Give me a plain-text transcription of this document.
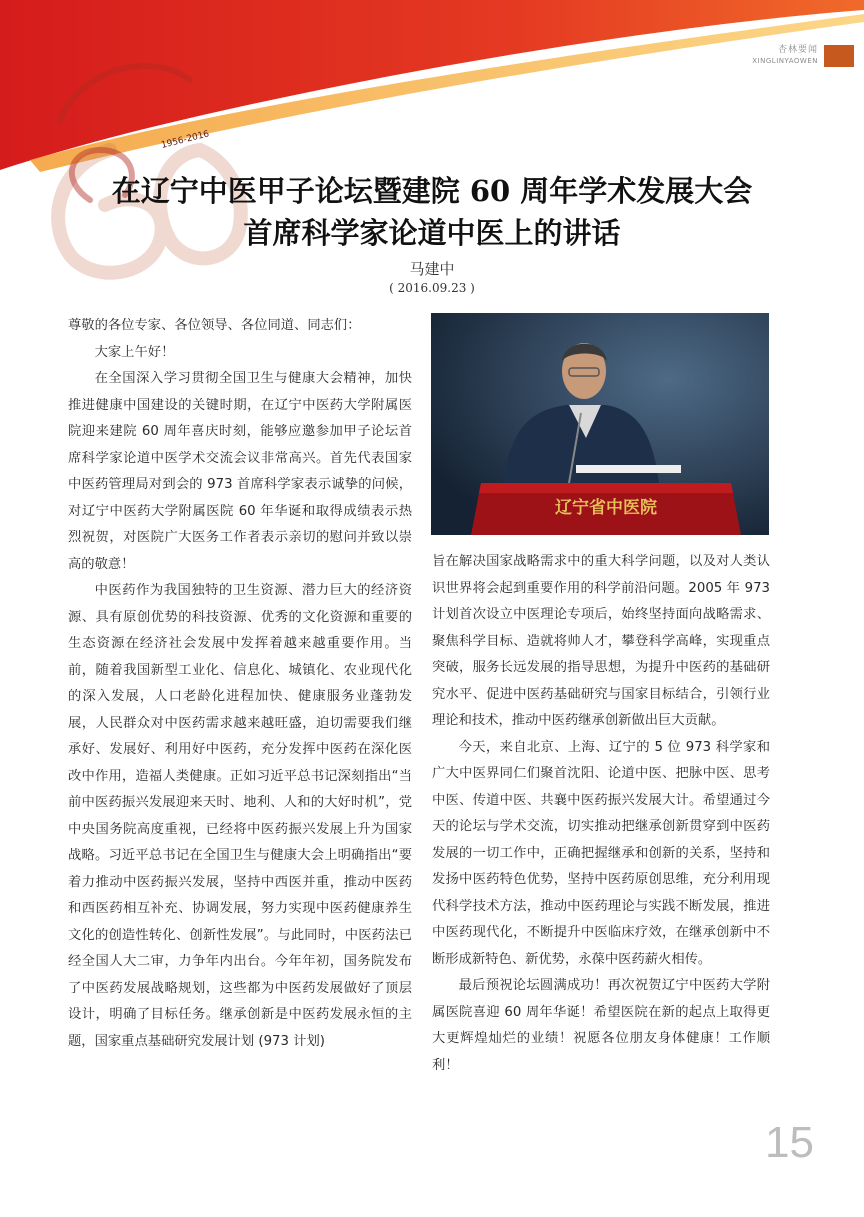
1956-2016
杏林要闻
XINGLINYAOWEN
在辽宁中医甲子论坛暨建院 60 周年学术发展大会
首席科学家论道中医上的讲话
马建中
( 2016.09.23 )
辽宁省中医院

尊敬的各位专家、各位领导、各位同道、同志们：

大家上午好！

在全国深入学习贯彻全国卫生与健康大会精神，加快推进健康中国建设的关键时期，在辽宁中医药大学附属医院迎来建院 60 周年喜庆时刻，能够应邀参加甲子论坛首席科学家论道中医学术交流会议非常高兴。首先代表国家中医药管理局对到会的 973 首席科学家表示诚挚的问候，对辽宁中医药大学附属医院 60 年华诞和取得成绩表示热烈祝贺，对医院广大医务工作者表示亲切的慰问并致以崇高的敬意！

中医药作为我国独特的卫生资源、潜力巨大的经济资源、具有原创优势的科技资源、优秀的文化资源和重要的生态资源在经济社会发展中发挥着越来越重要作用。当前，随着我国新型工业化、信息化、城镇化、农业现代化的深入发展，人口老龄化进程加快、健康服务业蓬勃发展，人民群众对中医药需求越来越旺盛，迫切需要我们继承好、发展好、利用好中医药，充分发挥中医药在深化医改中作用，造福人类健康。正如习近平总书记深刻指出“当前中医药振兴发展迎来天时、地利、人和的大好时机”，党中央国务院高度重视，已经将中医药振兴发展上升为国家战略。习近平总书记在全国卫生与健康大会上明确指出“要着力推动中医药振兴发展，坚持中西医并重，推动中医药和西医药相互补充、协调发展，努力实现中医药健康养生文化的创造性转化、创新性发展”。与此同时，中医药法已经全国人大二审，力争年内出台。今年年初，国务院发布了中医药发展战略规划，这些都为中医药发展做好了顶层设计，明确了目标任务。继承创新是中医药发展永恒的主题，国家重点基础研究发展计划 (973 计划)

旨在解决国家战略需求中的重大科学问题，以及对人类认识世界将会起到重要作用的科学前沿问题。2005 年 973 计划首次设立中医理论专项后，始终坚持面向战略需求、聚焦科学目标、造就将帅人才，攀登科学高峰，实现重点突破，服务长远发展的指导思想，为提升中医药的基础研究水平、促进中医药基础研究与国家目标结合，引领行业理论和技术，推动中医药继承创新做出巨大贡献。

今天，来自北京、上海、辽宁的 5 位 973 科学家和广大中医界同仁们聚首沈阳、论道中医、把脉中医、思考中医、传道中医、共襄中医药振兴发展大计。希望通过今天的论坛与学术交流，切实推动把继承创新贯穿到中医药发展的一切工作中，正确把握继承和创新的关系，坚持和发扬中医药特色优势，坚持中医药原创思维，充分利用现代科学技术方法，推动中医药理论与实践不断发展，推进中医药现代化，不断提升中医临床疗效，在继承创新中不断形成新特色、新优势，永葆中医药薪火相传。

最后预祝论坛圆满成功！再次祝贺辽宁中医药大学附属医院喜迎 60 周年华诞！希望医院在新的起点上取得更大更辉煌灿烂的业绩！祝愿各位朋友身体健康！工作顺利！

15
